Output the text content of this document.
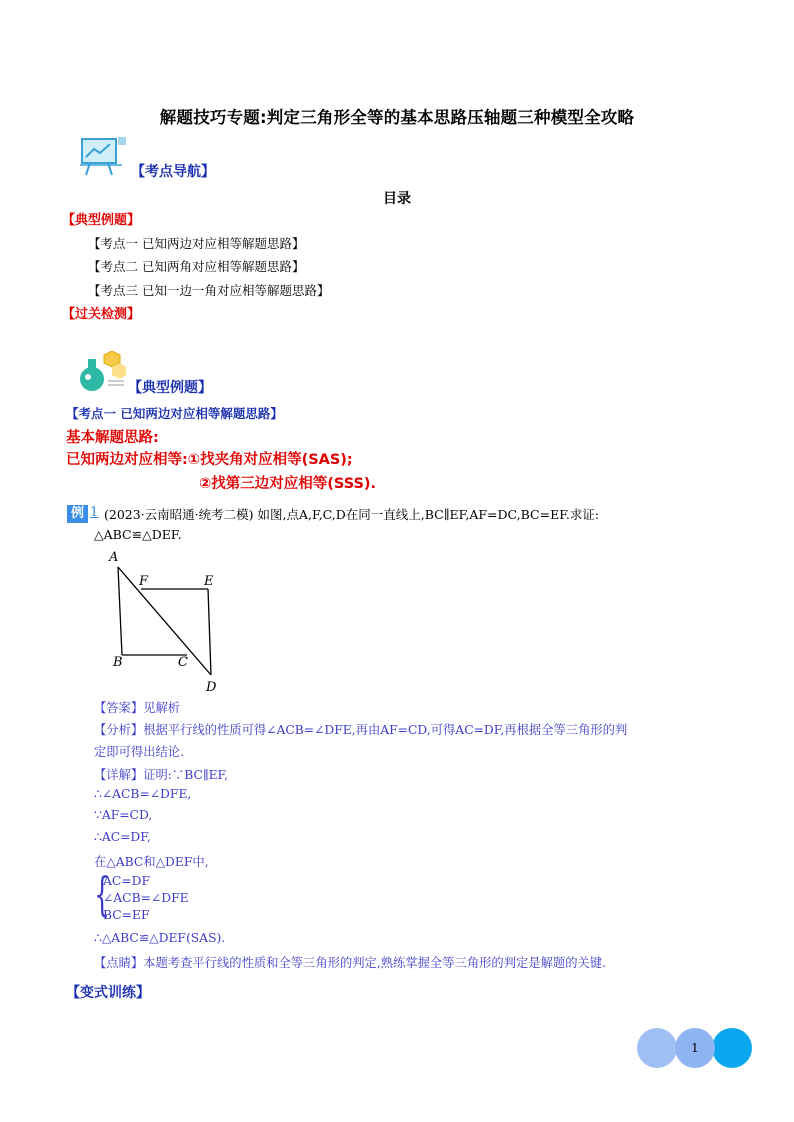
解题技巧专题:判定三角形全等的基本思路压轴题三种模型全攻略
【考点导航】
目录
【典型例题】
【考点一 已知两边对应相等解题思路】
【考点二 已知两角对应相等解题思路】
【考点三 已知一边一角对应相等解题思路】
【过关检测】
【典型例题】
【考点一 已知两边对应相等解题思路】
基本解题思路:
已知两边对应相等:①找夹角对应相等(SAS);
②找第三边对应相等(SSS).
例 1 (2023·云南昭通·统考二模) 如图,点A,F,C,D在同一直线上,BC∥EF,AF=DC,BC=EF.求证:
△ABC≌△DEF.
A
F	E
B	C
D
【答案】见解析
【分析】根据平行线的性质可得∠ACB=∠DFE,再由AF=CD,可得AC=DF,再根据全等三角形的判
定即可得出结论.
【详解】证明:∵BC∥EF,
∴∠ACB=∠DFE,
∵AF=CD,
∴AC=DF,
在△ABC和△DEF中,
{
AC=DF
∠ACB=∠DFE
BC=EF
∴△ABC≌△DEF(SAS).
【点睛】本题考查平行线的性质和全等三角形的判定,熟练掌握全等三角形的判定是解题的关键.
【变式训练】
1
